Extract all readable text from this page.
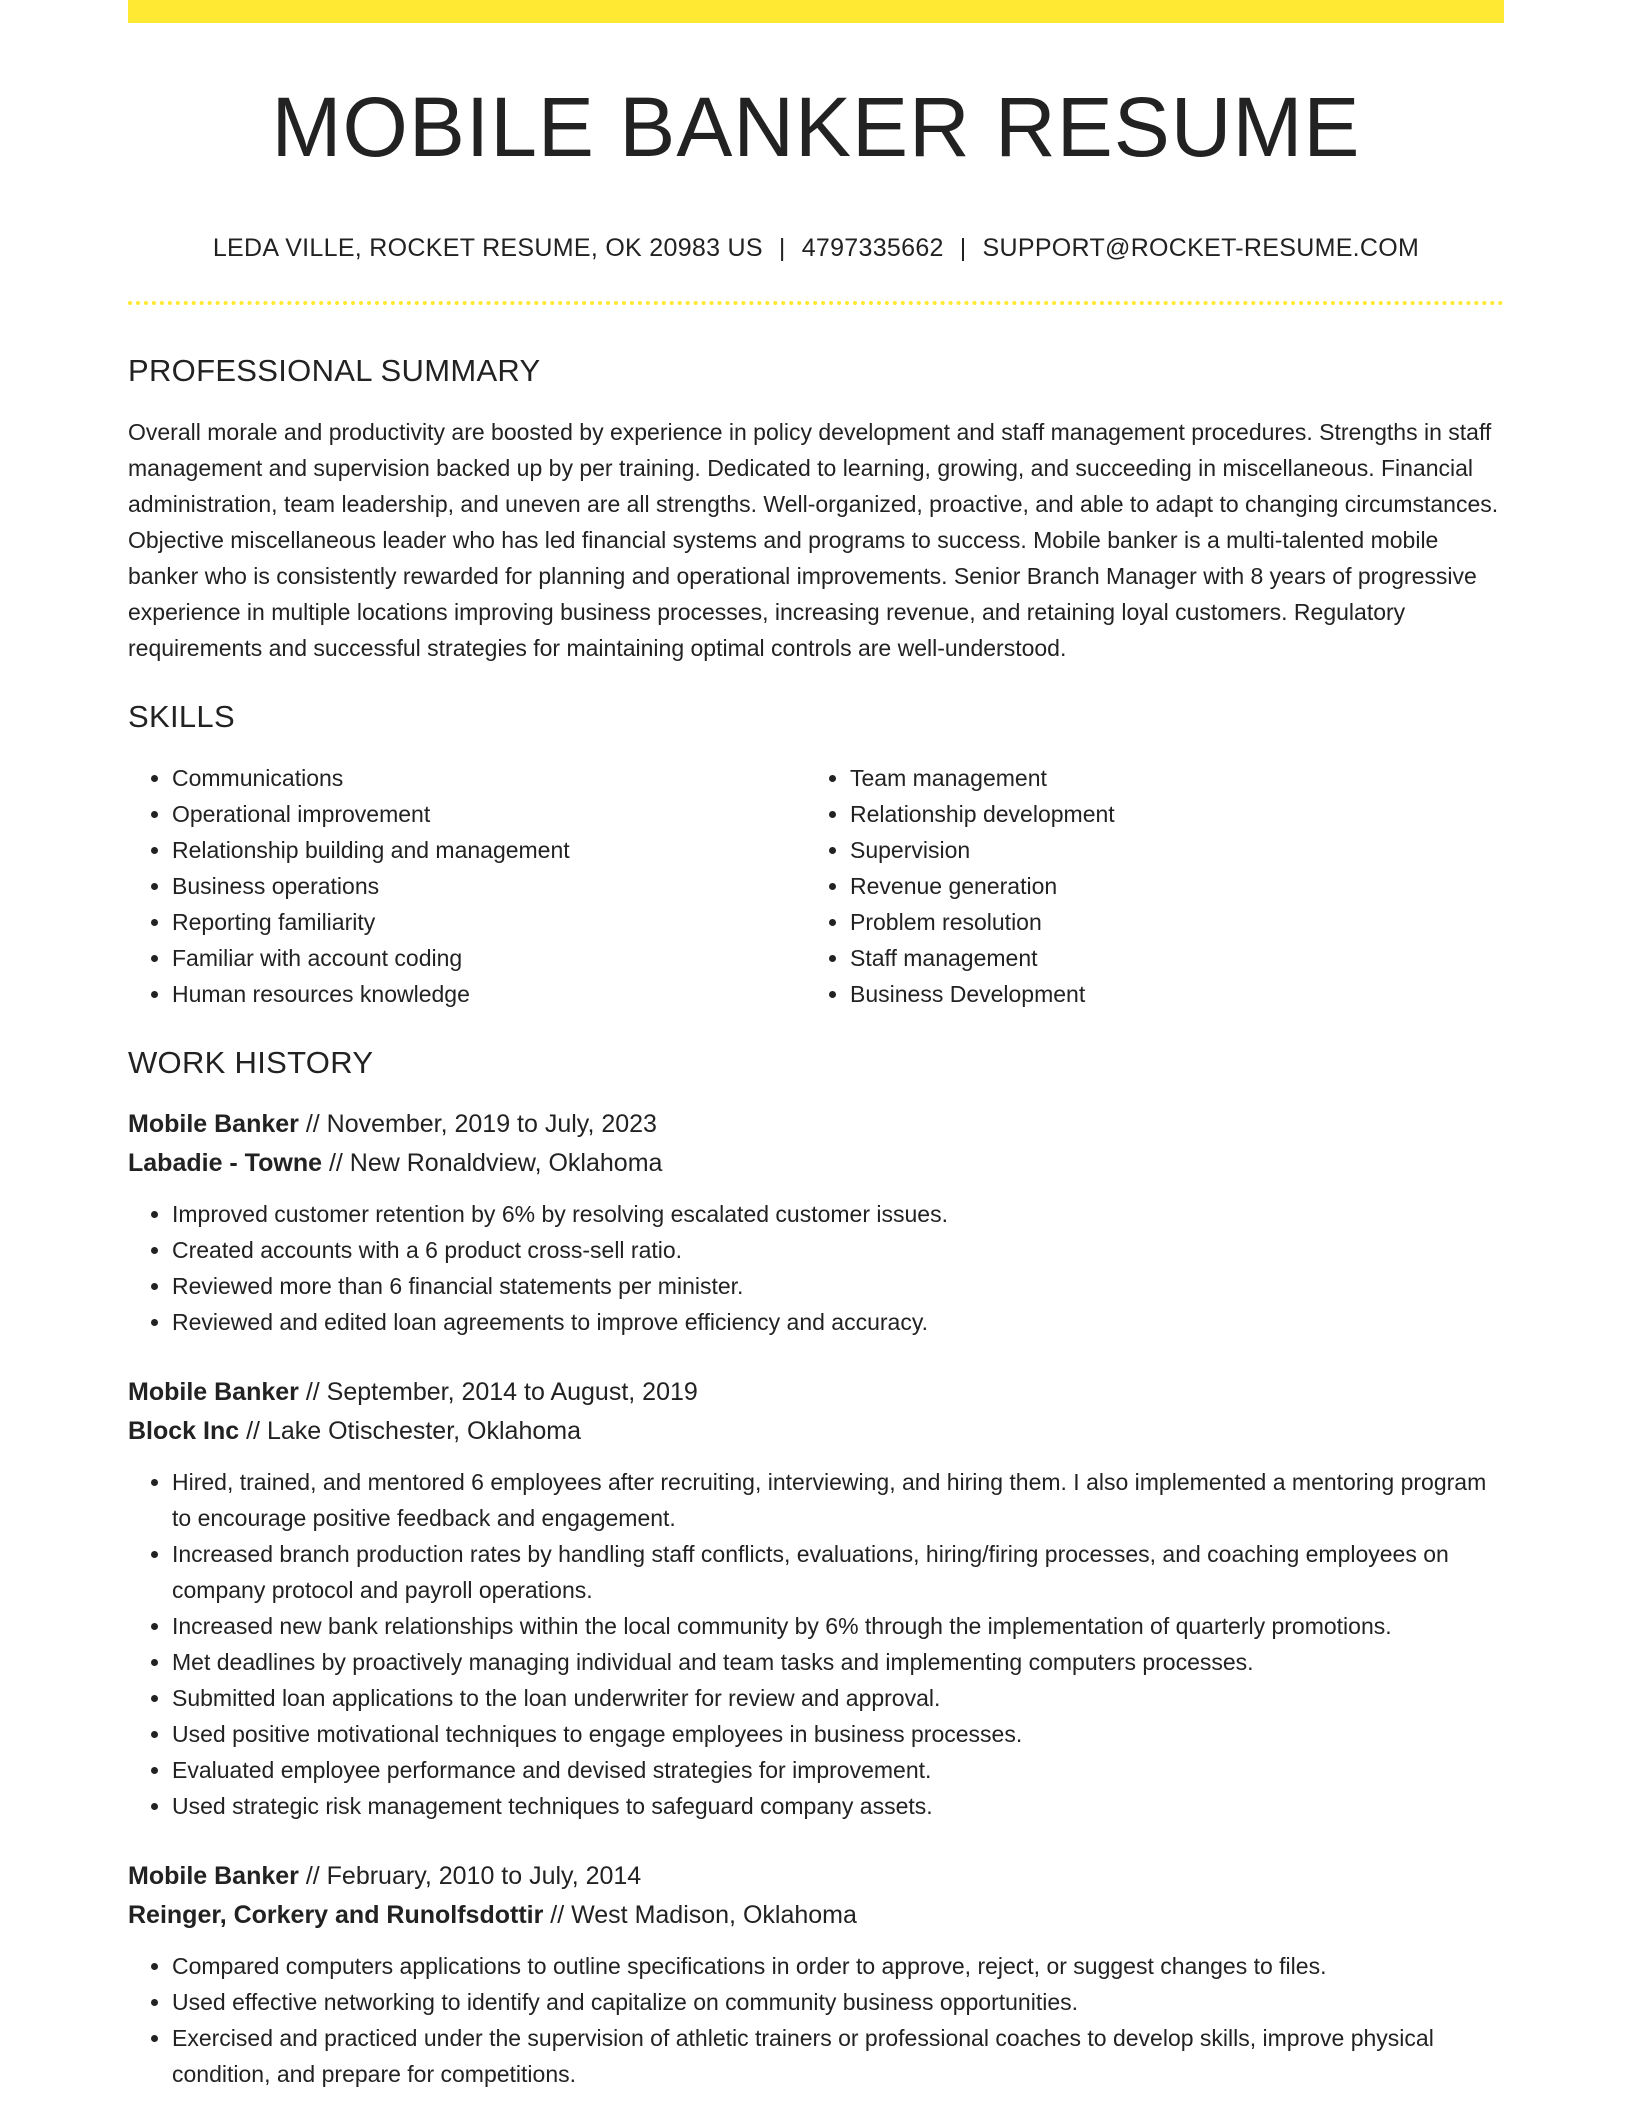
MOBILE BANKER RESUME
LEDA VILLE, ROCKET RESUME, OK 20983 US | 4797335662 | SUPPORT@ROCKET-RESUME.COM
PROFESSIONAL SUMMARY
Overall morale and productivity are boosted by experience in policy development and staff management procedures. Strengths in staff management and supervision backed up by per training. Dedicated to learning, growing, and succeeding in miscellaneous. Financial administration, team leadership, and uneven are all strengths. Well-organized, proactive, and able to adapt to changing circumstances. Objective miscellaneous leader who has led financial systems and programs to success. Mobile banker is a multi-talented mobile banker who is consistently rewarded for planning and operational improvements. Senior Branch Manager with 8 years of progressive experience in multiple locations improving business processes, increasing revenue, and retaining loyal customers. Regulatory requirements and successful strategies for maintaining optimal controls are well-understood.
SKILLS
• Communications
• Operational improvement
• Relationship building and management
• Business operations
• Reporting familiarity
• Familiar with account coding
• Human resources knowledge
• Team management
• Relationship development
• Supervision
• Revenue generation
• Problem resolution
• Staff management
• Business Development
WORK HISTORY
Mobile Banker // November, 2019 to July, 2023
Labadie - Towne // New Ronaldview, Oklahoma
• Improved customer retention by 6% by resolving escalated customer issues.
• Created accounts with a 6 product cross-sell ratio.
• Reviewed more than 6 financial statements per minister.
• Reviewed and edited loan agreements to improve efficiency and accuracy.
Mobile Banker // September, 2014 to August, 2019
Block Inc // Lake Otischester, Oklahoma
• Hired, trained, and mentored 6 employees after recruiting, interviewing, and hiring them. I also implemented a mentoring program to encourage positive feedback and engagement.
• Increased branch production rates by handling staff conflicts, evaluations, hiring/firing processes, and coaching employees on company protocol and payroll operations.
• Increased new bank relationships within the local community by 6% through the implementation of quarterly promotions.
• Met deadlines by proactively managing individual and team tasks and implementing computers processes.
• Submitted loan applications to the loan underwriter for review and approval.
• Used positive motivational techniques to engage employees in business processes.
• Evaluated employee performance and devised strategies for improvement.
• Used strategic risk management techniques to safeguard company assets.
Mobile Banker // February, 2010 to July, 2014
Reinger, Corkery and Runolfsdottir // West Madison, Oklahoma
• Compared computers applications to outline specifications in order to approve, reject, or suggest changes to files.
• Used effective networking to identify and capitalize on community business opportunities.
• Exercised and practiced under the supervision of athletic trainers or professional coaches to develop skills, improve physical condition, and prepare for competitions.
